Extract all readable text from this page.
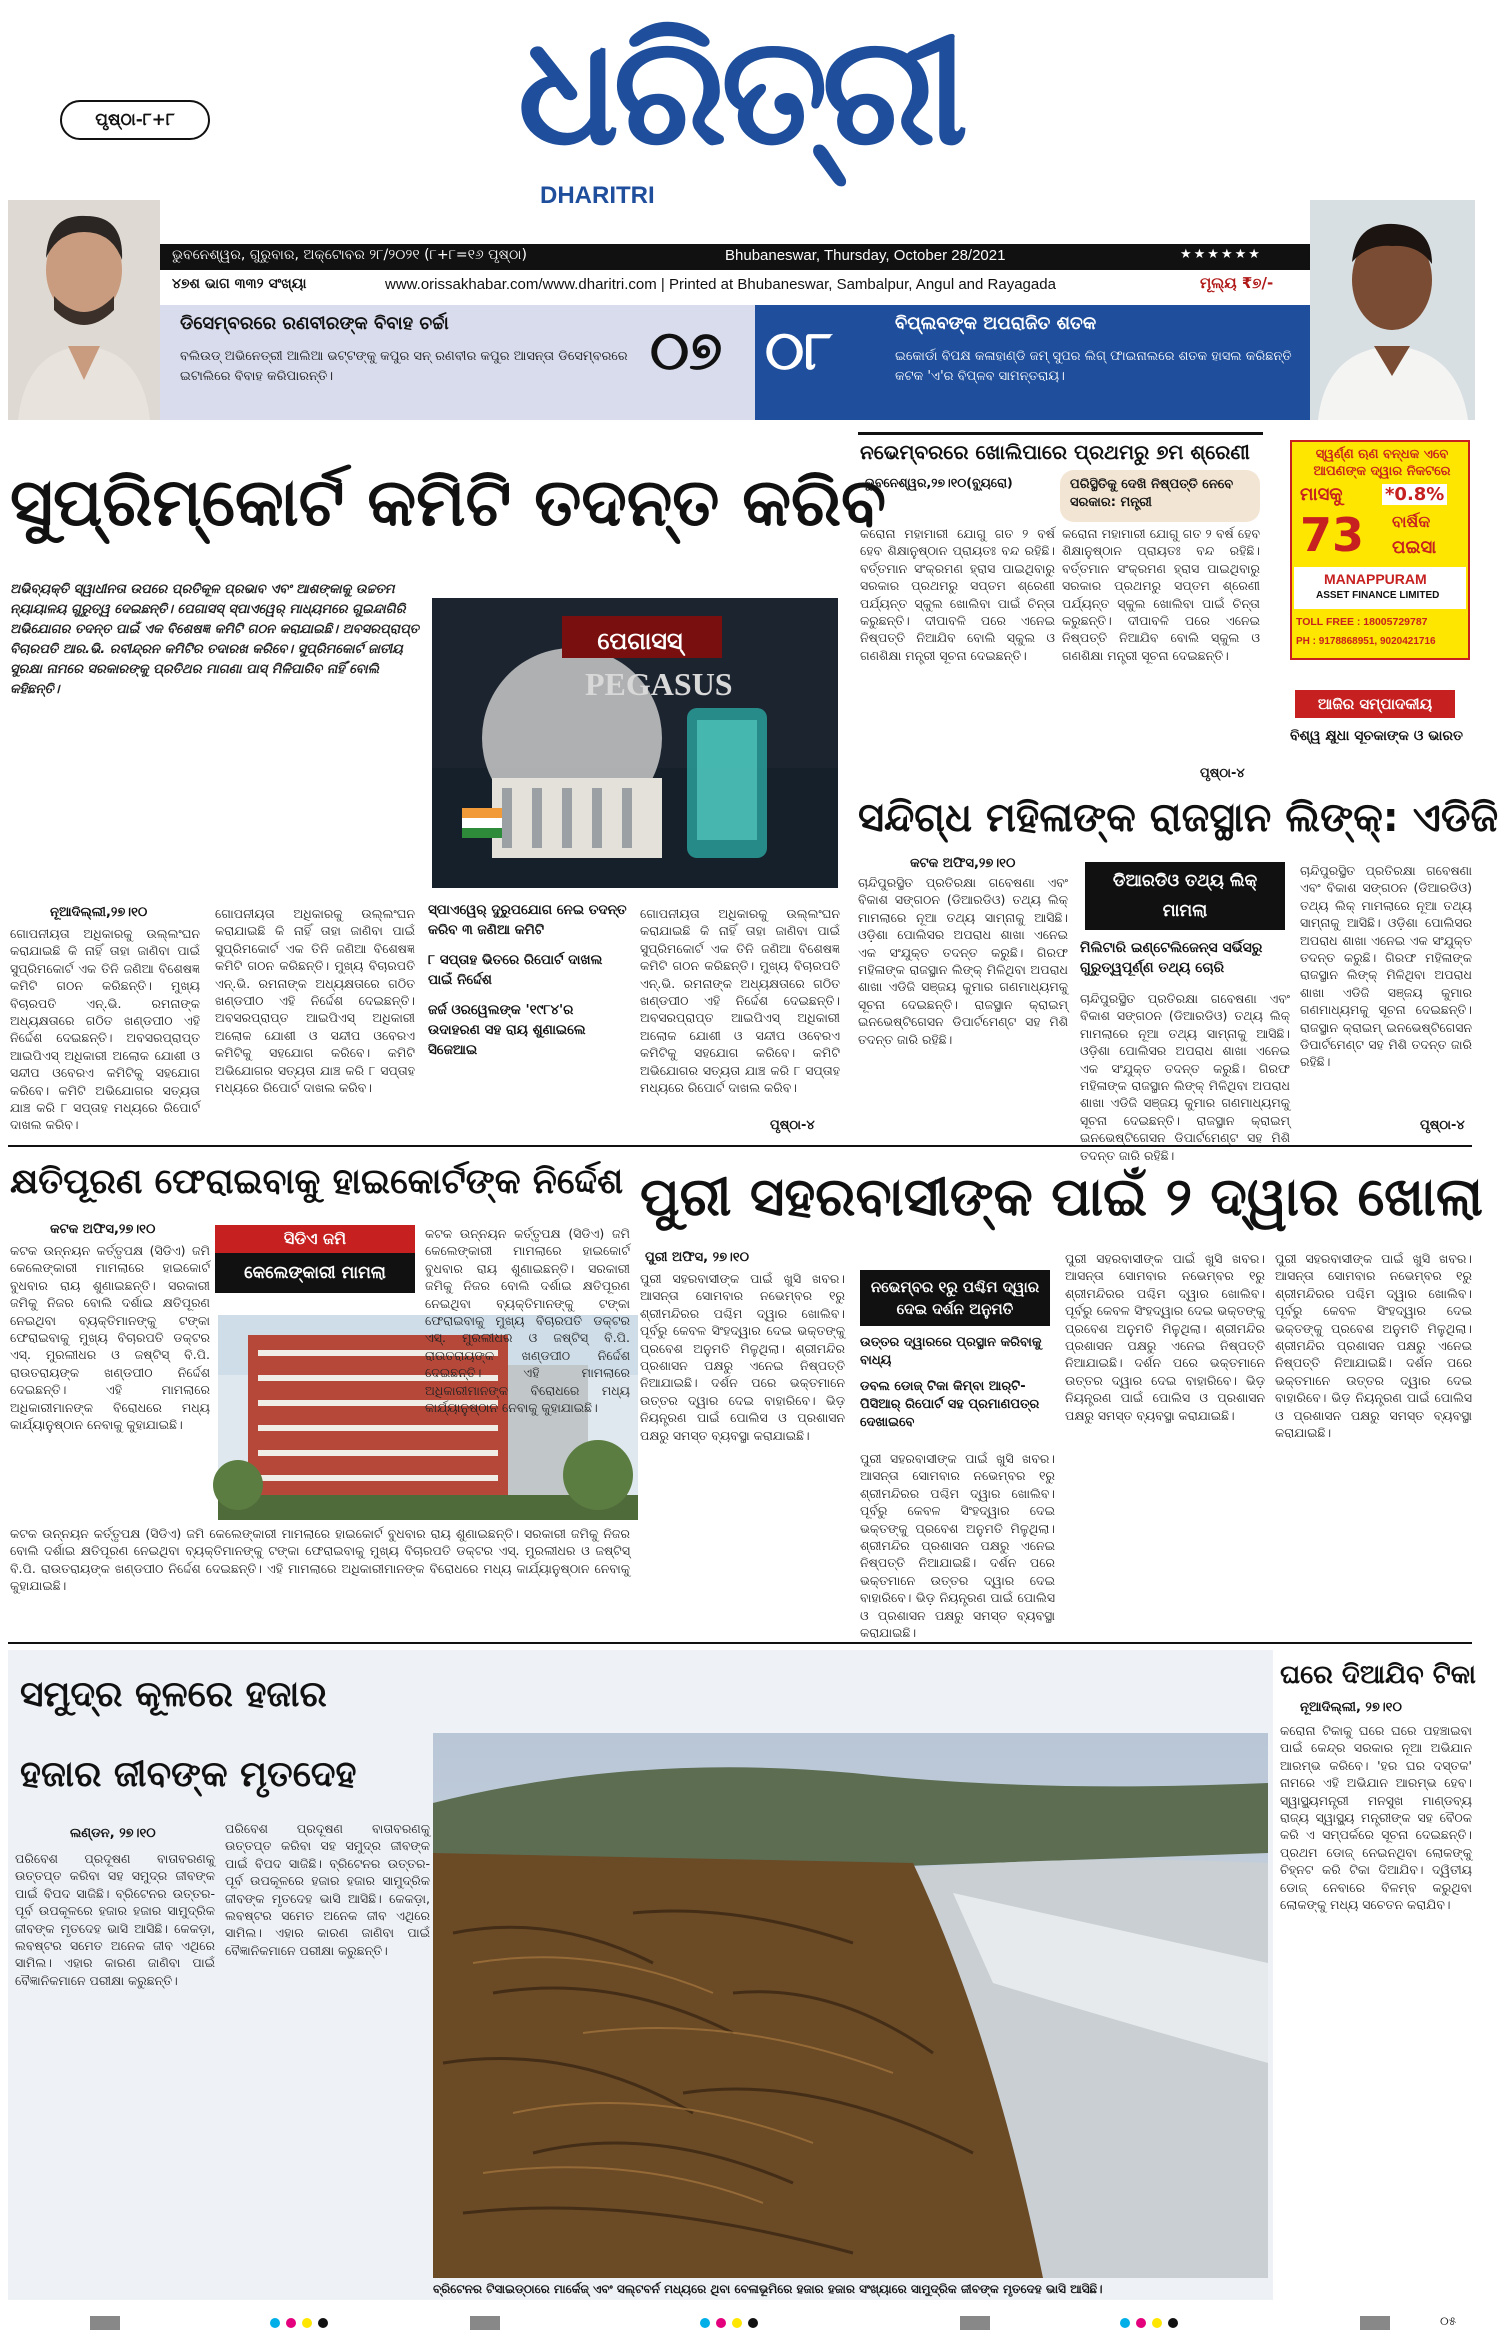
ପୃଷ୍ଠା-୮+୮	ଧରିତ୍ରୀ
DHARITRI
ଭୁବନେଶ୍ୱର, ଗୁରୁବାର, ଅକ୍ଟୋବର ୨୮/୨୦୨୧ (୮+୮=୧୬ ପୃଷ୍ଠା)	Bhubaneswar, Thursday, October 28/2021	★★★★★★
୪୭ଶ ଭାଗ ୩୩୨ ସଂଖ୍ୟା	www.orissakhabar.com/www.dharitri.com | Printed at Bhubaneswar, Sambalpur, Angul and Rayagada	ମୂଲ୍ୟ ₹୭/-
ଡିସେମ୍ବରରେ ରଣବୀରଙ୍କ ବିବାହ ଚର୍ଚ୍ଚା
ବଲିଉଡ୍ ଅଭିନେତ୍ରୀ ଆଲିଆ ଭଟ୍ଟଙ୍କୁ କପୁର ସନ୍ ରଣବୀର କପୁର ଆସନ୍ତା ଡିସେମ୍ବରରେ ଇଟାଲିରେ ବିବାହ କରିପାରନ୍ତି।	୦୭ ୦୮	ବିପ୍ଲବଙ୍କ ଅପରାଜିତ ଶତକ
ଇକୋର୍ଡା ବିପକ୍ଷ କଳାହାଣ୍ଡି ଜମ୍ ସୁପର ଲିଗ୍ ଫାଇନାଲରେ ଶତକ ହାସଲ କରିଛନ୍ତି କଟକ 'ଏ'ର ବିପ୍ଳବ ସାମନ୍ତରାୟ।
ସୁପ୍ରିମ୍‌କୋର୍ଟ କମିଟି ତଦନ୍ତ କରିବ
ଅଭିବ୍ୟକ୍ତି ସ୍ୱାଧୀନତା ଉପରେ ପ୍ରତିକୂଳ ପ୍ରଭାବ ଏବଂ ଆଶଙ୍କାକୁ ଉଚ୍ଚତମ ନ୍ୟାୟାଳୟ ଗୁରୁତ୍ୱ ଦେଇଛନ୍ତି। ପେଗାସସ୍ ସ୍ପାଏୱେର୍ ମାଧ୍ୟମରେ ଗୁଇନ୍ଦାଗିରି ଅଭିଯୋଗର ତଦନ୍ତ ପାଇଁ ଏକ ବିଶେଷଜ୍ଞ କମିଟି ଗଠନ କରାଯାଇଛି। ଅବସରପ୍ରାପ୍ତ ବିଚାରପତି ଆର.ଭି. ରବୀନ୍ଦ୍ରନ କମିଟିର ତଦାରଖ କରିବେ। ସୁପ୍ରିମକୋର୍ଟ ଜାତୀୟ ସୁରକ୍ଷା ନାମରେ ସରକାରଙ୍କୁ ପ୍ରତିଥର ମାଗଣା ପାସ୍ ମିଳିପାରିବ ନାହିଁ ବୋଲି କହିଛନ୍ତି।
ପେଗାସସ୍
PEGASUS
ନୂଆଦିଲ୍ଲୀ,୨୭।୧୦
ଗୋପନୀୟତା ଅଧିକାରକୁ ଉଲ୍ଲଂଘନ କରାଯାଇଛି କି ନାହିଁ ତାହା ଜାଣିବା ପାଇଁ ସୁପ୍ରିମକୋର୍ଟ ଏକ ତିନି ଜଣିଆ ବିଶେଷଜ୍ଞ କମିଟି ଗଠନ କରିଛନ୍ତି। ମୁଖ୍ୟ ବିଚାରପତି ଏନ୍.ଭି. ରମନାଙ୍କ ଅଧ୍ୟକ୍ଷତାରେ ଗଠିତ ଖଣ୍ଡପୀଠ ଏହି ନିର୍ଦ୍ଦେଶ ଦେଇଛନ୍ତି। ଅବସରପ୍ରାପ୍ତ ଆଇପିଏସ୍ ଅଧିକାରୀ ଅଲୋକ ଯୋଶୀ ଓ ସନ୍ଦୀପ ଓବେରଏ କମିଟିକୁ ସହଯୋଗ କରିବେ। କମିଟି ଅଭିଯୋଗର ସତ୍ୟତା ଯାଞ୍ଚ କରି ୮ ସପ୍ତାହ ମଧ୍ୟରେ ରିପୋର୍ଟ ଦାଖଲ କରିବ।
ଗୋପନୀୟତା ଅଧିକାରକୁ ଉଲ୍ଲଂଘନ କରାଯାଇଛି କି ନାହିଁ ତାହା ଜାଣିବା ପାଇଁ ସୁପ୍ରିମକୋର୍ଟ ଏକ ତିନି ଜଣିଆ ବିଶେଷଜ୍ଞ କମିଟି ଗଠନ କରିଛନ୍ତି। ମୁଖ୍ୟ ବିଚାରପତି ଏନ୍.ଭି. ରମନାଙ୍କ ଅଧ୍ୟକ୍ଷତାରେ ଗଠିତ ଖଣ୍ଡପୀଠ ଏହି ନିର୍ଦ୍ଦେଶ ଦେଇଛନ୍ତି। ଅବସରପ୍ରାପ୍ତ ଆଇପିଏସ୍ ଅଧିକାରୀ ଅଲୋକ ଯୋଶୀ ଓ ସନ୍ଦୀପ ଓବେରଏ କମିଟିକୁ ସହଯୋଗ କରିବେ। କମିଟି ଅଭିଯୋଗର ସତ୍ୟତା ଯାଞ୍ଚ କରି ୮ ସପ୍ତାହ ମଧ୍ୟରେ ରିପୋର୍ଟ ଦାଖଲ କରିବ।
ସ୍ପାଏୱେର୍ ଦୁରୁପଯୋଗ ନେଇ ତଦନ୍ତ କରିବ ୩ ଜଣିଆ କମିଟି
୮ ସପ୍ତାହ ଭିତରେ ରିପୋର୍ଟ ଦାଖଲ ପାଇଁ ନିର୍ଦ୍ଦେଶ
ଜର୍ଜ ଓରୱେଲଙ୍କ '୧୯୮୪'ର ଉଦାହରଣ ସହ ରାୟ ଶୁଣାଇଲେ ସିଜେଆଇ
ଗୋପନୀୟତା ଅଧିକାରକୁ ଉଲ୍ଲଂଘନ କରାଯାଇଛି କି ନାହିଁ ତାହା ଜାଣିବା ପାଇଁ ସୁପ୍ରିମକୋର୍ଟ ଏକ ତିନି ଜଣିଆ ବିଶେଷଜ୍ଞ କମିଟି ଗଠନ କରିଛନ୍ତି। ମୁଖ୍ୟ ବିଚାରପତି ଏନ୍.ଭି. ରମନାଙ୍କ ଅଧ୍ୟକ୍ଷତାରେ ଗଠିତ ଖଣ୍ଡପୀଠ ଏହି ନିର୍ଦ୍ଦେଶ ଦେଇଛନ୍ତି। ଅବସରପ୍ରାପ୍ତ ଆଇପିଏସ୍ ଅଧିକାରୀ ଅଲୋକ ଯୋଶୀ ଓ ସନ୍ଦୀପ ଓବେରଏ କମିଟିକୁ ସହଯୋଗ କରିବେ। କମିଟି ଅଭିଯୋଗର ସତ୍ୟତା ଯାଞ୍ଚ କରି ୮ ସପ୍ତାହ ମଧ୍ୟରେ ରିପୋର୍ଟ ଦାଖଲ କରିବ।
ପୃଷ୍ଠା-୪
ନଭେମ୍ବରରେ ଖୋଲିପାରେ ପ୍ରଥମରୁ ୭ମ ଶ୍ରେଣୀ
ଭୁବନେଶ୍ୱର,୨୭।୧୦(ବ୍ୟୁରୋ)	ପରିସ୍ଥିତିକୁ ଦେଖି ନିଷ୍ପତ୍ତି ନେବେ ସରକାର: ମନ୍ତ୍ରୀ
କରୋନା ମହାମାରୀ ଯୋଗୁ ଗତ ୨ ବର୍ଷ ହେବ ଶିକ୍ଷାନୁଷ୍ଠାନ ପ୍ରାୟତଃ ବନ୍ଦ ରହିଛି। ବର୍ତ୍ତମାନ ସଂକ୍ରମଣ ହ୍ରାସ ପାଇଥିବାରୁ ସରକାର ପ୍ରଥମରୁ ସପ୍ତମ ଶ୍ରେଣୀ ପର୍ଯ୍ୟନ୍ତ ସ୍କୁଲ ଖୋଲିବା ପାଇଁ ଚିନ୍ତା କରୁଛନ୍ତି। ଦୀପାବଳି ପରେ ଏନେଇ ନିଷ୍ପତ୍ତି ନିଆଯିବ ବୋଲି ସ୍କୁଲ ଓ ଗଣଶିକ୍ଷା ମନ୍ତ୍ରୀ ସୂଚନା ଦେଇଛନ୍ତି।
କରୋନା ମହାମାରୀ ଯୋଗୁ ଗତ ୨ ବର୍ଷ ହେବ ଶିକ୍ଷାନୁଷ୍ଠାନ ପ୍ରାୟତଃ ବନ୍ଦ ରହିଛି। ବର୍ତ୍ତମାନ ସଂକ୍ରମଣ ହ୍ରାସ ପାଇଥିବାରୁ ସରକାର ପ୍ରଥମରୁ ସପ୍ତମ ଶ୍ରେଣୀ ପର୍ଯ୍ୟନ୍ତ ସ୍କୁଲ ଖୋଲିବା ପାଇଁ ଚିନ୍ତା କରୁଛନ୍ତି। ଦୀପାବଳି ପରେ ଏନେଇ ନିଷ୍ପତ୍ତି ନିଆଯିବ ବୋଲି ସ୍କୁଲ ଓ ଗଣଶିକ୍ଷା ମନ୍ତ୍ରୀ ସୂଚନା ଦେଇଛନ୍ତି।
ପୃଷ୍ଠା-୪
ସ୍ୱର୍ଣ୍ଣ ଋଣ ବନ୍ଧକ ଏବେ ଆପଣଙ୍କ ଦ୍ୱାର ନିକଟରେ
ମାସକୁ *0.8%
73 ବାର୍ଷିକ
ପଇସା
MANAPPURAM
ASSET FINANCE LIMITED
TOLL FREE : 18005729787
PH : 9178868951, 9020421716
ଆଜିର ସମ୍ପାଦକୀୟ
ବିଶ୍ୱ କ୍ଷୁଧା ସୂଚକାଙ୍କ ଓ ଭାରତ
ସନ୍ଦିଗ୍ଧ ମହିଳାଙ୍କ ରାଜସ୍ଥାନ ଲିଙ୍କ୍‌: ଏଡିଜି
କଟକ ଅଫିସ,୨୭।୧୦
ଚାନ୍ଦିପୁରସ୍ଥିତ ପ୍ରତିରକ୍ଷା ଗବେଷଣା ଏବଂ ବିକାଶ ସଙ୍ଗଠନ (ଡିଆରଡିଓ) ତଥ୍ୟ ଲିକ୍ ମାମଲାରେ ନୂଆ ତଥ୍ୟ ସାମ୍ନାକୁ ଆସିଛି। ଓଡ଼ିଶା ପୋଲିସର ଅପରାଧ ଶାଖା ଏନେଇ ଏକ ସଂଯୁକ୍ତ ତଦନ୍ତ କରୁଛି। ଗିରଫ ମହିଳାଙ୍କ ରାଜସ୍ଥାନ ଲିଙ୍କ୍ ମିଳିଥିବା ଅପରାଧ ଶାଖା ଏଡିଜି ସଞ୍ଜୟ କୁମାର ଗଣମାଧ୍ୟମକୁ ସୂଚନା ଦେଇଛନ୍ତି। ରାଜସ୍ଥାନ କ୍ରାଇମ୍ ଇନଭେଷ୍ଟିଗେସନ ଡିପାର୍ଟମେଣ୍ଟ ସହ ମିଶି ତଦନ୍ତ ଜାରି ରହିଛି।
ଡିଆରଡିଓ ତଥ୍ୟ ଲିକ୍ ମାମଲା
ମିଲିଟାରି ଇଣ୍ଟେଲିଜେନ୍ସ ସର୍ଭିସରୁ ଗୁରୁତ୍ୱପୂର୍ଣ୍ଣ ତଥ୍ୟ ଚୋରି
ଚାନ୍ଦିପୁରସ୍ଥିତ ପ୍ରତିରକ୍ଷା ଗବେଷଣା ଏବଂ ବିକାଶ ସଙ୍ଗଠନ (ଡିଆରଡିଓ) ତଥ୍ୟ ଲିକ୍ ମାମଲାରେ ନୂଆ ତଥ୍ୟ ସାମ୍ନାକୁ ଆସିଛି। ଓଡ଼ିଶା ପୋଲିସର ଅପରାଧ ଶାଖା ଏନେଇ ଏକ ସଂଯୁକ୍ତ ତଦନ୍ତ କରୁଛି। ଗିରଫ ମହିଳାଙ୍କ ରାଜସ୍ଥାନ ଲିଙ୍କ୍ ମିଳିଥିବା ଅପରାଧ ଶାଖା ଏଡିଜି ସଞ୍ଜୟ କୁମାର ଗଣମାଧ୍ୟମକୁ ସୂଚନା ଦେଇଛନ୍ତି। ରାଜସ୍ଥାନ କ୍ରାଇମ୍ ଇନଭେଷ୍ଟିଗେସନ ଡିପାର୍ଟମେଣ୍ଟ ସହ ମିଶି ତଦନ୍ତ ଜାରି ରହିଛି।
ଚାନ୍ଦିପୁରସ୍ଥିତ ପ୍ରତିରକ୍ଷା ଗବେଷଣା ଏବଂ ବିକାଶ ସଙ୍ଗଠନ (ଡିଆରଡିଓ) ତଥ୍ୟ ଲିକ୍ ମାମଲାରେ ନୂଆ ତଥ୍ୟ ସାମ୍ନାକୁ ଆସିଛି। ଓଡ଼ିଶା ପୋଲିସର ଅପରାଧ ଶାଖା ଏନେଇ ଏକ ସଂଯୁକ୍ତ ତଦନ୍ତ କରୁଛି। ଗିରଫ ମହିଳାଙ୍କ ରାଜସ୍ଥାନ ଲିଙ୍କ୍ ମିଳିଥିବା ଅପରାଧ ଶାଖା ଏଡିଜି ସଞ୍ଜୟ କୁମାର ଗଣମାଧ୍ୟମକୁ ସୂଚନା ଦେଇଛନ୍ତି। ରାଜସ୍ଥାନ କ୍ରାଇମ୍ ଇନଭେଷ୍ଟିଗେସନ ଡିପାର୍ଟମେଣ୍ଟ ସହ ମିଶି ତଦନ୍ତ ଜାରି ରହିଛି।
ପୃଷ୍ଠା-୪
କ୍ଷତିପୂରଣ ଫେରାଇବାକୁ ହାଇକୋର୍ଟଙ୍କ ନିର୍ଦ୍ଦେଶ
କଟକ ଅଫିସ,୨୭।୧୦
କଟକ ଉନ୍ନୟନ କର୍ତ୍ତୃପକ୍ଷ (ସିଡିଏ) ଜମି କେଲେଙ୍କାରୀ ମାମଲାରେ ହାଇକୋର୍ଟ ବୁଧବାର ରାୟ ଶୁଣାଇଛନ୍ତି। ସରକାରୀ ଜମିକୁ ନିଜର ବୋଲି ଦର୍ଶାଇ କ୍ଷତିପୂରଣ ନେଇଥିବା ବ୍ୟକ୍ତିମାନଙ୍କୁ ଟଙ୍କା ଫେରାଇବାକୁ ମୁଖ୍ୟ ବିଚାରପତି ଡକ୍ଟର ଏସ୍. ମୁରଲୀଧର ଓ ଜଷ୍ଟିସ୍ ବି.ପି. ରାଉତରାୟଙ୍କ ଖଣ୍ଡପୀଠ ନିର୍ଦ୍ଦେଶ ଦେଇଛନ୍ତି। ଏହି ମାମଲାରେ ଅଧିକାରୀମାନଙ୍କ ବିରୋଧରେ ମଧ୍ୟ କାର୍ଯ୍ୟାନୁଷ୍ଠାନ ନେବାକୁ କୁହାଯାଇଛି।
ସିଡିଏ ଜମି
କେଲେଙ୍କାରୀ ମାମଲା
କଟକ ଉନ୍ନୟନ କର୍ତ୍ତୃପକ୍ଷ (ସିଡିଏ) ଜମି କେଲେଙ୍କାରୀ ମାମଲାରେ ହାଇକୋର୍ଟ ବୁଧବାର ରାୟ ଶୁଣାଇଛନ୍ତି। ସରକାରୀ ଜମିକୁ ନିଜର ବୋଲି ଦର୍ଶାଇ କ୍ଷତିପୂରଣ ନେଇଥିବା ବ୍ୟକ୍ତିମାନଙ୍କୁ ଟଙ୍କା ଫେରାଇବାକୁ ମୁଖ୍ୟ ବିଚାରପତି ଡକ୍ଟର ଏସ୍. ମୁରଲୀଧର ଓ ଜଷ୍ଟିସ୍ ବି.ପି. ରାଉତରାୟଙ୍କ ଖଣ୍ଡପୀଠ ନିର୍ଦ୍ଦେଶ ଦେଇଛନ୍ତି। ଏହି ମାମଲାରେ ଅଧିକାରୀମାନଙ୍କ ବିରୋଧରେ ମଧ୍ୟ କାର୍ଯ୍ୟାନୁଷ୍ଠାନ ନେବାକୁ କୁହାଯାଇଛି।
କଟକ ଉନ୍ନୟନ କର୍ତ୍ତୃପକ୍ଷ (ସିଡିଏ) ଜମି କେଲେଙ୍କାରୀ ମାମଲାରେ ହାଇକୋର୍ଟ ବୁଧବାର ରାୟ ଶୁଣାଇଛନ୍ତି। ସରକାରୀ ଜମିକୁ ନିଜର ବୋଲି ଦର୍ଶାଇ କ୍ଷତିପୂରଣ ନେଇଥିବା ବ୍ୟକ୍ତିମାନଙ୍କୁ ଟଙ୍କା ଫେରାଇବାକୁ ମୁଖ୍ୟ ବିଚାରପତି ଡକ୍ଟର ଏସ୍. ମୁରଲୀଧର ଓ ଜଷ୍ଟିସ୍ ବି.ପି. ରାଉତରାୟଙ୍କ ଖଣ୍ଡପୀଠ ନିର୍ଦ୍ଦେଶ ଦେଇଛନ୍ତି। ଏହି ମାମଲାରେ ଅଧିକାରୀମାନଙ୍କ ବିରୋଧରେ ମଧ୍ୟ କାର୍ଯ୍ୟାନୁଷ୍ଠାନ ନେବାକୁ କୁହାଯାଇଛି।
ପୁରୀ ସହରବାସୀଙ୍କ ପାଇଁ ୨ ଦ୍ୱାର ଖୋଲା
ପୁରୀ ଅଫିସ, ୨୭।୧୦
ପୁରୀ ସହରବାସୀଙ୍କ ପାଇଁ ଖୁସି ଖବର। ଆସନ୍ତା ସୋମବାର ନଭେମ୍ବର ୧ରୁ ଶ୍ରୀମନ୍ଦିରର ପଶ୍ଚିମ ଦ୍ୱାର ଖୋଲିବ। ପୂର୍ବରୁ କେବଳ ସିଂହଦ୍ୱାର ଦେଇ ଭକ୍ତଙ୍କୁ ପ୍ରବେଶ ଅନୁମତି ମିଳୁଥିଲା। ଶ୍ରୀମନ୍ଦିର ପ୍ରଶାସନ ପକ୍ଷରୁ ଏନେଇ ନିଷ୍ପତ୍ତି ନିଆଯାଇଛି। ଦର୍ଶନ ପରେ ଭକ୍ତମାନେ ଉତ୍ତର ଦ୍ୱାର ଦେଇ ବାହାରିବେ। ଭିଡ଼ ନିୟନ୍ତ୍ରଣ ପାଇଁ ପୋଲିସ ଓ ପ୍ରଶାସନ ପକ୍ଷରୁ ସମସ୍ତ ବ୍ୟବସ୍ଥା କରାଯାଇଛି।
ନଭେମ୍ବର ୧ରୁ ପଶ୍ଚିମ ଦ୍ୱାର ଦେଇ ଦର୍ଶନ ଅନୁମତି
ଉତ୍ତର ଦ୍ୱାରରେ ପ୍ରସ୍ଥାନ କରିବାକୁ ବାଧ୍ୟ
ଡବଲ ଡୋଜ୍ ଟିକା କିମ୍ବା ଆର୍‌ଟି-ପିସିଆର୍ ରିପୋର୍ଟ ସହ ପ୍ରମାଣପତ୍ର ଦେଖାଇବେ
ପୁରୀ ସହରବାସୀଙ୍କ ପାଇଁ ଖୁସି ଖବର। ଆସନ୍ତା ସୋମବାର ନଭେମ୍ବର ୧ରୁ ଶ୍ରୀମନ୍ଦିରର ପଶ୍ଚିମ ଦ୍ୱାର ଖୋଲିବ। ପୂର୍ବରୁ କେବଳ ସିଂହଦ୍ୱାର ଦେଇ ଭକ୍ତଙ୍କୁ ପ୍ରବେଶ ଅନୁମତି ମିଳୁଥିଲା। ଶ୍ରୀମନ୍ଦିର ପ୍ରଶାସନ ପକ୍ଷରୁ ଏନେଇ ନିଷ୍ପତ୍ତି ନିଆଯାଇଛି। ଦର୍ଶନ ପରେ ଭକ୍ତମାନେ ଉତ୍ତର ଦ୍ୱାର ଦେଇ ବାହାରିବେ। ଭିଡ଼ ନିୟନ୍ତ୍ରଣ ପାଇଁ ପୋଲିସ ଓ ପ୍ରଶାସନ ପକ୍ଷରୁ ସମସ୍ତ ବ୍ୟବସ୍ଥା କରାଯାଇଛି।
ପୁରୀ ସହରବାସୀଙ୍କ ପାଇଁ ଖୁସି ଖବର। ଆସନ୍ତା ସୋମବାର ନଭେମ୍ବର ୧ରୁ ଶ୍ରୀମନ୍ଦିରର ପଶ୍ଚିମ ଦ୍ୱାର ଖୋଲିବ। ପୂର୍ବରୁ କେବଳ ସିଂହଦ୍ୱାର ଦେଇ ଭକ୍ତଙ୍କୁ ପ୍ରବେଶ ଅନୁମତି ମିଳୁଥିଲା। ଶ୍ରୀମନ୍ଦିର ପ୍ରଶାସନ ପକ୍ଷରୁ ଏନେଇ ନିଷ୍ପତ୍ତି ନିଆଯାଇଛି। ଦର୍ଶନ ପରେ ଭକ୍ତମାନେ ଉତ୍ତର ଦ୍ୱାର ଦେଇ ବାହାରିବେ। ଭିଡ଼ ନିୟନ୍ତ୍ରଣ ପାଇଁ ପୋଲିସ ଓ ପ୍ରଶାସନ ପକ୍ଷରୁ ସମସ୍ତ ବ୍ୟବସ୍ଥା କରାଯାଇଛି।
ପୁରୀ ସହରବାସୀଙ୍କ ପାଇଁ ଖୁସି ଖବର। ଆସନ୍ତା ସୋମବାର ନଭେମ୍ବର ୧ରୁ ଶ୍ରୀମନ୍ଦିରର ପଶ୍ଚିମ ଦ୍ୱାର ଖୋଲିବ। ପୂର୍ବରୁ କେବଳ ସିଂହଦ୍ୱାର ଦେଇ ଭକ୍ତଙ୍କୁ ପ୍ରବେଶ ଅନୁମତି ମିଳୁଥିଲା। ଶ୍ରୀମନ୍ଦିର ପ୍ରଶାସନ ପକ୍ଷରୁ ଏନେଇ ନିଷ୍ପତ୍ତି ନିଆଯାଇଛି। ଦର୍ଶନ ପରେ ଭକ୍ତମାନେ ଉତ୍ତର ଦ୍ୱାର ଦେଇ ବାହାରିବେ। ଭିଡ଼ ନିୟନ୍ତ୍ରଣ ପାଇଁ ପୋଲିସ ଓ ପ୍ରଶାସନ ପକ୍ଷରୁ ସମସ୍ତ ବ୍ୟବସ୍ଥା କରାଯାଇଛି।
ସମୁଦ୍ର କୂଳରେ ହଜାର
ହଜାର ଜୀବଙ୍କ ମୃତଦେହ
ଲଣ୍ଡନ, ୨୭।୧୦
ପରିବେଶ ପ୍ରଦୂଷଣ ବାତାବରଣକୁ ଉତ୍ତପ୍ତ କରିବା ସହ ସମୁଦ୍ର ଜୀବଙ୍କ ପାଇଁ ବିପଦ ସାଜିଛି। ବ୍ରିଟେନର ଉତ୍ତର-ପୂର୍ବ ଉପକୂଳରେ ହଜାର ହଜାର ସାମୁଦ୍ରିକ ଜୀବଙ୍କ ମୃତଦେହ ଭାସି ଆସିଛି। କେକଡ଼ା, ଲବଷ୍ଟର ସମେତ ଅନେକ ଜୀବ ଏଥିରେ ସାମିଲ। ଏହାର କାରଣ ଜାଣିବା ପାଇଁ ବୈଜ୍ଞାନିକମାନେ ପରୀକ୍ଷା କରୁଛନ୍ତି।
ପରିବେଶ ପ୍ରଦୂଷଣ ବାତାବରଣକୁ ଉତ୍ତପ୍ତ କରିବା ସହ ସମୁଦ୍ର ଜୀବଙ୍କ ପାଇଁ ବିପଦ ସାଜିଛି। ବ୍ରିଟେନର ଉତ୍ତର-ପୂର୍ବ ଉପକୂଳରେ ହଜାର ହଜାର ସାମୁଦ୍ରିକ ଜୀବଙ୍କ ମୃତଦେହ ଭାସି ଆସିଛି। କେକଡ଼ା, ଲବଷ୍ଟର ସମେତ ଅନେକ ଜୀବ ଏଥିରେ ସାମିଲ। ଏହାର କାରଣ ଜାଣିବା ପାଇଁ ବୈଜ୍ଞାନିକମାନେ ପରୀକ୍ଷା କରୁଛନ୍ତି।
ବ୍ରିଟେନର ଟିସାଇଡ୍‌ଠାରେ ମାର୍କେଜ୍ ଏବଂ ସଲ୍ଟବର୍ନ ମଧ୍ୟରେ ଥିବା ବେଳାଭୂମିରେ ହଜାର ହଜାର ସଂଖ୍ୟାରେ ସାମୁଦ୍ରିକ ଜୀବଙ୍କ ମୃତଦେହ ଭାସି ଆସିଛି।
ଘରେ ଦିଆଯିବ ଟିକା
ନୂଆଦିଲ୍ଲୀ, ୨୭।୧୦
କରୋନା ଟିକାକୁ ଘରେ ଘରେ ପହଞ୍ଚାଇବା ପାଇଁ କେନ୍ଦ୍ର ସରକାର ନୂଆ ଅଭିଯାନ ଆରମ୍ଭ କରିବେ। 'ହର ଘର ଦସ୍ତକ' ନାମରେ ଏହି ଅଭିଯାନ ଆରମ୍ଭ ହେବ। ସ୍ୱାସ୍ଥ୍ୟମନ୍ତ୍ରୀ ମନସୁଖ ମାଣ୍ଡବ୍ୟ ରାଜ୍ୟ ସ୍ୱାସ୍ଥ୍ୟ ମନ୍ତ୍ରୀଙ୍କ ସହ ବୈଠକ କରି ଏ ସମ୍ପର୍କରେ ସୂଚନା ଦେଇଛନ୍ତି। ପ୍ରଥମ ଡୋଜ୍ ନେଇନଥିବା ଲୋକଙ୍କୁ ଚିହ୍ନଟ କରି ଟିକା ଦିଆଯିବ। ଦ୍ୱିତୀୟ ଡୋଜ୍ ନେବାରେ ବିଳମ୍ବ କରୁଥିବା ଲୋକଙ୍କୁ ମଧ୍ୟ ସଚେତନ କରାଯିବ।
୦୫
